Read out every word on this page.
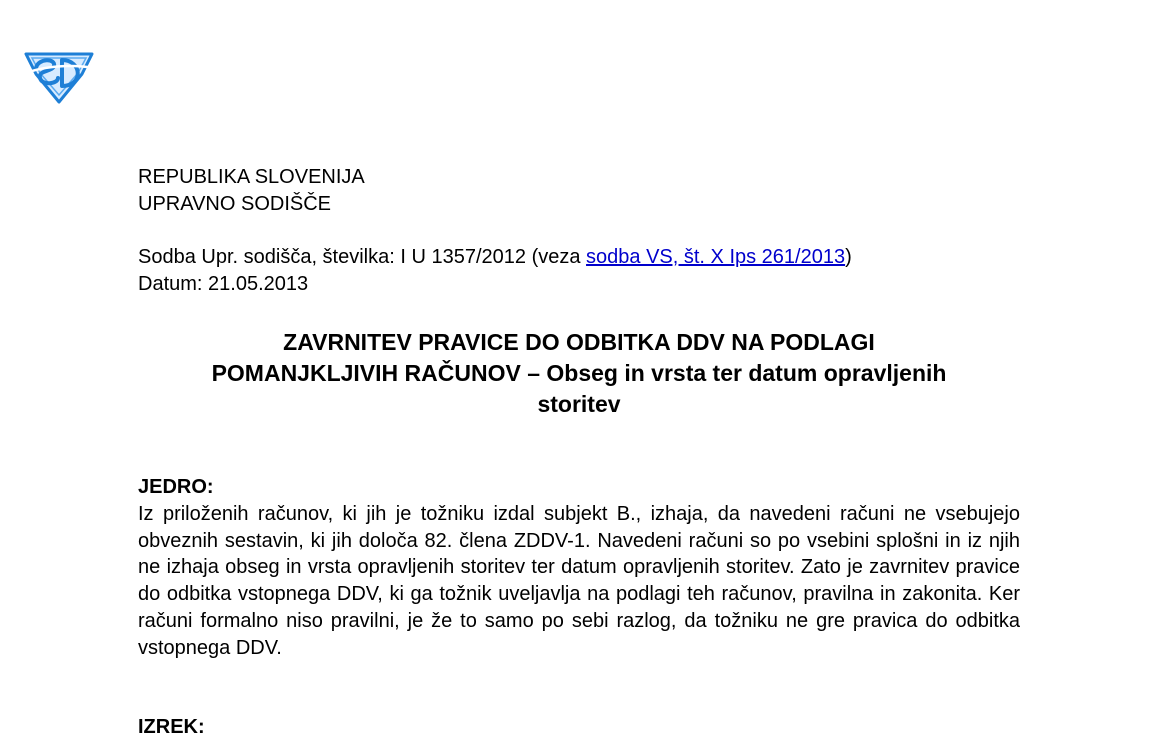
REPUBLIKA SLOVENIJA
UPRAVNO SODIŠČE
Sodba Upr. sodišča, številka: I U 1357/2012 (veza sodba VS, št. X Ips 261/2013)
Datum: 21.05.2013
ZAVRNITEV PRAVICE DO ODBITKA DDV NA PODLAGI
POMANJKLJIVIH RAČUNOV – Obseg in vrsta ter datum opravljenih
storitev
JEDRO:
Iz priloženih računov, ki jih je tožniku izdal subjekt B., izhaja, da navedeni računi ne vsebujejo obveznih sestavin, ki jih določa 82. člena ZDDV-1. Navedeni računi so po vsebini splošni in iz njih ne izhaja obseg in vrsta opravljenih storitev ter datum opravljenih storitev. Zato je zavrnitev pravice do odbitka vstopnega DDV, ki ga tožnik uveljavlja na podlagi teh računov, pravilna in zakonita. Ker računi formalno niso pravilni, je že to samo po sebi razlog, da tožniku ne gre pravica do odbitka vstopnega DDV.
IZREK:
